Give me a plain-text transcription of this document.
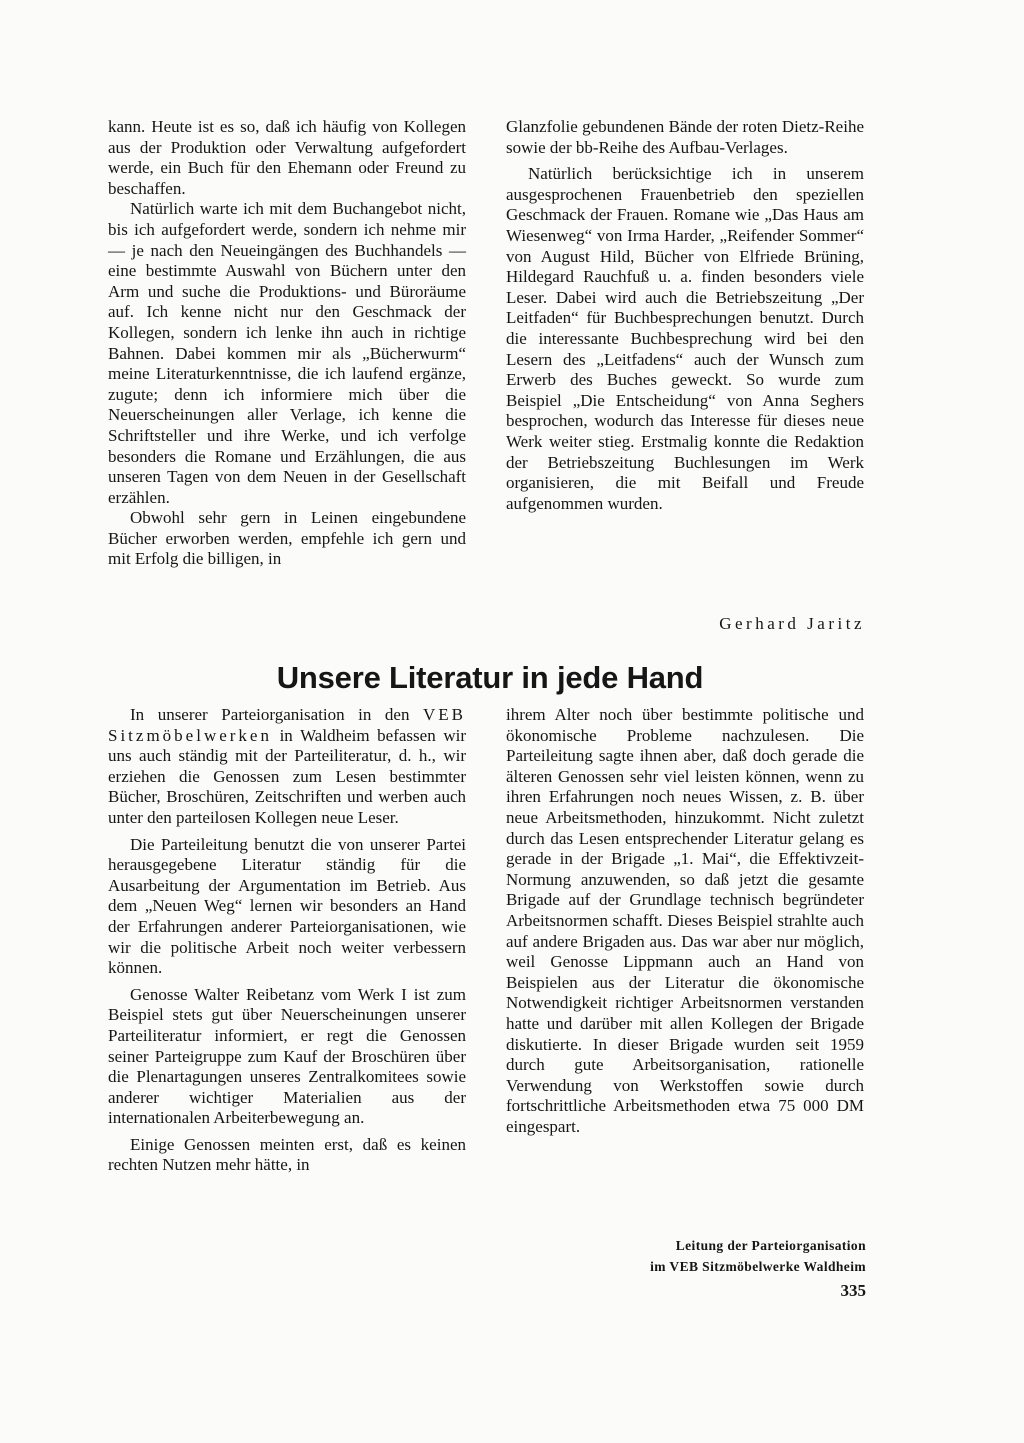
kann. Heute ist es so, daß ich häufig von Kollegen aus der Produktion oder Verwaltung aufgefordert werde, ein Buch für den Ehemann oder Freund zu beschaffen.

Natürlich warte ich mit dem Buchangebot nicht, bis ich aufgefordert werde, sondern ich nehme mir — je nach den Neueingängen des Buchhandels — eine bestimmte Auswahl von Büchern unter den Arm und suche die Produktions- und Büroräume auf. Ich kenne nicht nur den Geschmack der Kollegen, sondern ich lenke ihn auch in richtige Bahnen. Dabei kommen mir als „Bücherwurm“ meine Literaturkenntnisse, die ich laufend ergänze, zugute; denn ich informiere mich über die Neuerscheinungen aller Verlage, ich kenne die Schriftsteller und ihre Werke, und ich verfolge besonders die Romane und Erzählungen, die aus unseren Tagen von dem Neuen in der Gesellschaft erzählen.

Obwohl sehr gern in Leinen eingebundene Bücher erworben werden, empfehle ich gern und mit Erfolg die billigen, in

Glanzfolie gebundenen Bände der roten Dietz-Reihe sowie der bb-Reihe des Aufbau-Verlages.

Natürlich berücksichtige ich in unserem ausgesprochenen Frauenbetrieb den speziellen Geschmack der Frauen. Romane wie „Das Haus am Wiesenweg“ von Irma Harder, „Reifender Sommer“ von August Hild, Bücher von Elfriede Brüning, Hildegard Rauchfuß u. a. finden besonders viele Leser. Dabei wird auch die Betriebszeitung „Der Leitfaden“ für Buchbesprechungen benutzt. Durch die interessante Buchbesprechung wird bei den Lesern des „Leitfadens“ auch der Wunsch zum Erwerb des Buches geweckt. So wurde zum Beispiel „Die Entscheidung“ von Anna Seghers besprochen, wodurch das Interesse für dieses neue Werk weiter stieg. Erstmalig konnte die Redaktion der Betriebszeitung Buchlesungen im Werk organisieren, die mit Beifall und Freude aufgenommen wurden.

Gerhard Jaritz
Unsere Literatur in jede Hand

In unserer Parteiorganisation in den VEB Sitzmöbelwerken in Waldheim befassen wir uns auch ständig mit der Parteiliteratur, d. h., wir erziehen die Genossen zum Lesen bestimmter Bücher, Broschüren, Zeitschriften und werben auch unter den parteilosen Kollegen neue Leser.

Die Parteileitung benutzt die von unserer Partei herausgegebene Literatur ständig für die Ausarbeitung der Argumentation im Betrieb. Aus dem „Neuen Weg“ lernen wir besonders an Hand der Erfahrungen anderer Parteiorganisationen, wie wir die politische Arbeit noch weiter verbessern können.

Genosse Walter Reibetanz vom Werk I ist zum Beispiel stets gut über Neuerscheinungen unserer Parteiliteratur informiert, er regt die Genossen seiner Parteigruppe zum Kauf der Broschüren über die Plenartagungen unseres Zentralkomitees sowie anderer wichtiger Materialien aus der internationalen Arbeiterbewegung an.

Einige Genossen meinten erst, daß es keinen rechten Nutzen mehr hätte, in

ihrem Alter noch über bestimmte politische und ökonomische Probleme nachzulesen. Die Parteileitung sagte ihnen aber, daß doch gerade die älteren Genossen sehr viel leisten können, wenn zu ihren Erfahrungen noch neues Wissen, z. B. über neue Arbeitsmethoden, hinzukommt. Nicht zuletzt durch das Lesen entsprechender Literatur gelang es gerade in der Brigade „1. Mai“, die Effektivzeit-Normung anzuwenden, so daß jetzt die gesamte Brigade auf der Grundlage technisch begründeter Arbeitsnormen schafft. Dieses Beispiel strahlte auch auf andere Brigaden aus. Das war aber nur möglich, weil Genosse Lippmann auch an Hand von Beispielen aus der Literatur die ökonomische Notwendigkeit richtiger Arbeitsnormen verstanden hatte und darüber mit allen Kollegen der Brigade diskutierte. In dieser Brigade wurden seit 1959 durch gute Arbeitsorganisation, rationelle Verwendung von Werkstoffen sowie durch fortschrittliche Arbeitsmethoden etwa 75 000 DM eingespart.

Leitung der Parteiorganisation
im VEB Sitzmöbelwerke Waldheim
335
